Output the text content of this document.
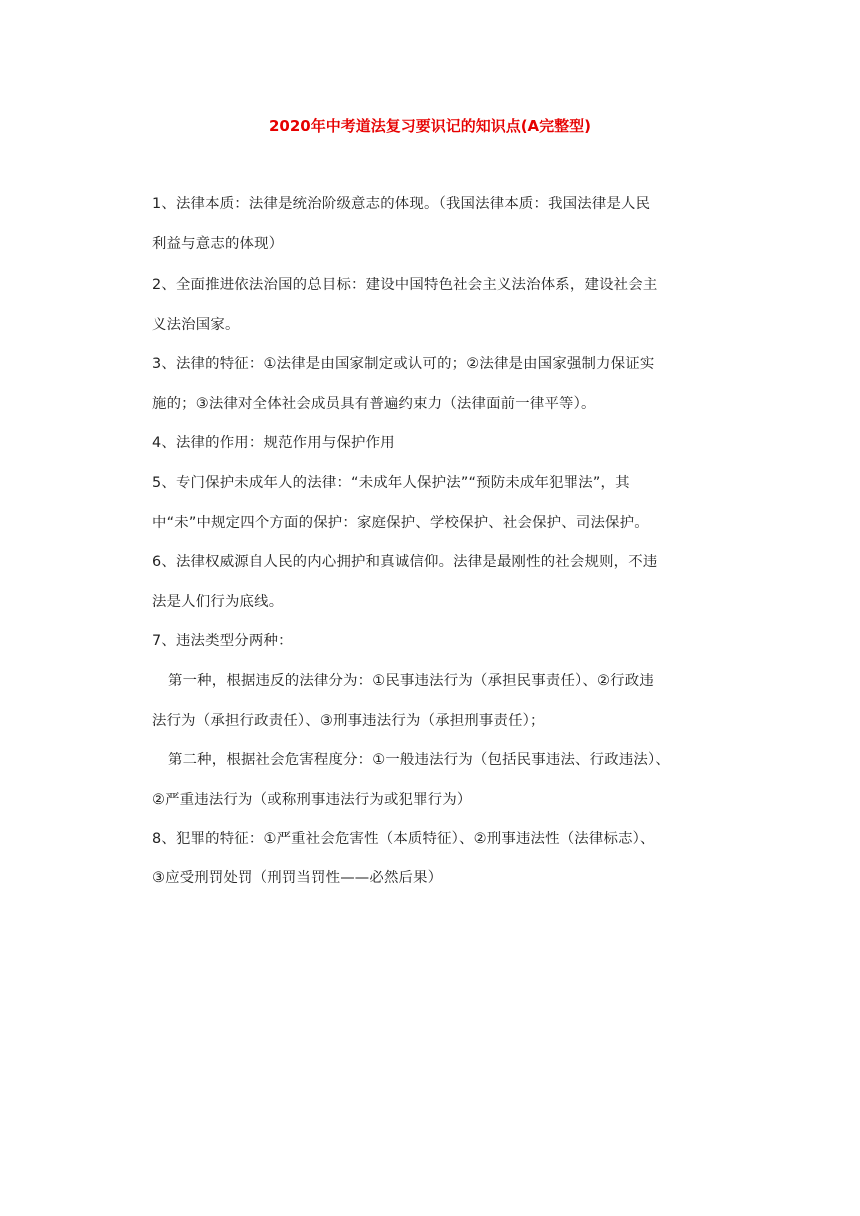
2020年中考道法复习要识记的知识点(A完整型)
1、法律本质：法律是统治阶级意志的体现。（我国法律本质：我国法律是人民
利益与意志的体现）
2、全面推进依法治国的总目标：建设中国特色社会主义法治体系，建设社会主
义法治国家。
3、法律的特征：①法律是由国家制定或认可的；②法律是由国家强制力保证实
施的；③法律对全体社会成员具有普遍约束力（法律面前一律平等）。
4、法律的作用：规范作用与保护作用
5、专门保护未成年人的法律：“未成年人保护法”“预防未成年犯罪法”，其
中“未”中规定四个方面的保护：家庭保护、学校保护、社会保护、司法保护。
6、法律权威源自人民的内心拥护和真诚信仰。法律是最刚性的社会规则，不违
法是人们行为底线。
7、违法类型分两种：
第一种，根据违反的法律分为：①民事违法行为（承担民事责任）、②行政违
法行为（承担行政责任）、③刑事违法行为（承担刑事责任）；
第二种，根据社会危害程度分：①一般违法行为（包括民事违法、行政违法）、
②严重违法行为（或称刑事违法行为或犯罪行为）
8、犯罪的特征：①严重社会危害性（本质特征）、②刑事违法性（法律标志）、
③应受刑罚处罚（刑罚当罚性——必然后果）
